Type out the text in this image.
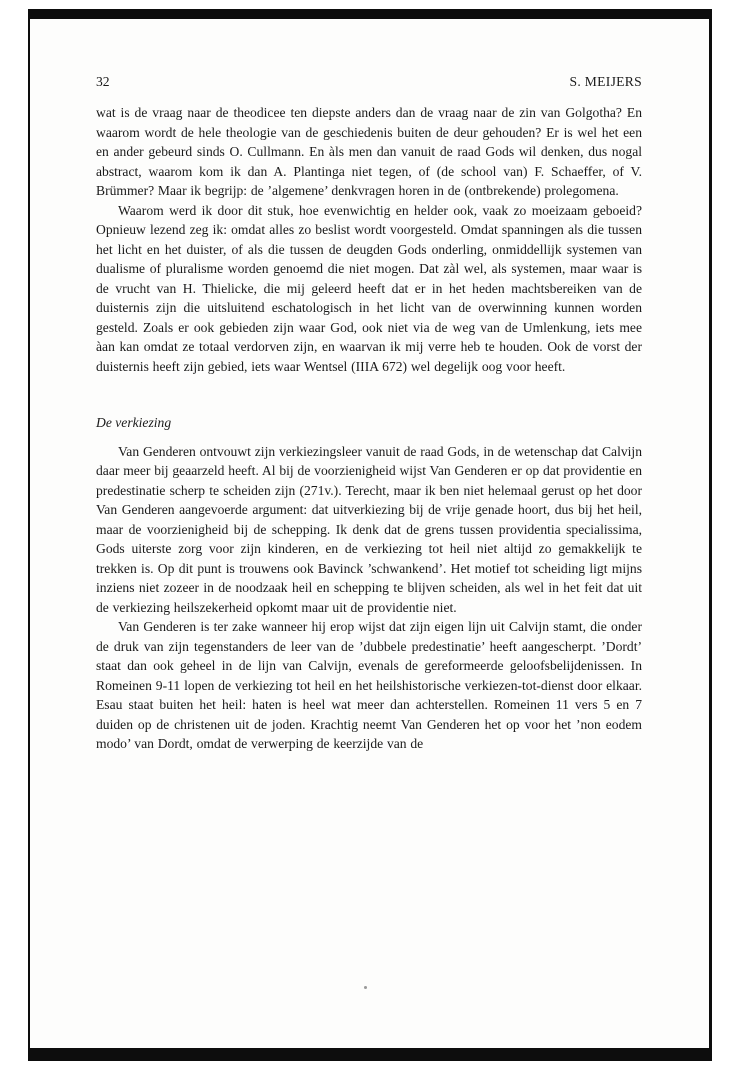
32	S. MEIJERS

wat is de vraag naar de theodicee ten diepste anders dan de vraag naar de zin van Golgotha? En waarom wordt de hele theologie van de geschiedenis buiten de deur gehouden? Er is wel het een en ander gebeurd sinds O. Cullmann. En àls men dan vanuit de raad Gods wil denken, dus nogal abstract, waarom kom ik dan A. Plantinga niet tegen, of (de school van) F. Schaeffer, of V. Brümmer? Maar ik begrijp: de ’algemene’ denkvragen horen in de (ontbrekende) prolegomena.

Waarom werd ik door dit stuk, hoe evenwichtig en helder ook, vaak zo moeizaam geboeid? Opnieuw lezend zeg ik: omdat alles zo beslist wordt voorgesteld. Omdat spanningen als die tussen het licht en het duister, of als die tussen de deugden Gods onderling, onmiddellijk systemen van dualisme of pluralisme worden genoemd die niet mogen. Dat zàl wel, als systemen, maar waar is de vrucht van H. Thielicke, die mij geleerd heeft dat er in het heden machtsbereiken van de duisternis zijn die uitsluitend eschatologisch in het licht van de overwinning kunnen worden gesteld. Zoals er ook gebieden zijn waar God, ook niet via de weg van de Umlenkung, iets mee àan kan omdat ze totaal verdorven zijn, en waarvan ik mij verre heb te houden. Ook de vorst der duisternis heeft zijn gebied, iets waar Wentsel (IIIA 672) wel degelijk oog voor heeft.

De verkiezing

Van Genderen ontvouwt zijn verkiezingsleer vanuit de raad Gods, in de wetenschap dat Calvijn daar meer bij geaarzeld heeft. Al bij de voorzienigheid wijst Van Genderen er op dat providentie en predestinatie scherp te scheiden zijn (271v.). Terecht, maar ik ben niet helemaal gerust op het door Van Genderen aangevoerde argument: dat uitverkiezing bij de vrije genade hoort, dus bij het heil, maar de voorzienigheid bij de schepping. Ik denk dat de grens tussen providentia specialissima, Gods uiterste zorg voor zijn kinderen, en de verkiezing tot heil niet altijd zo gemakkelijk te trekken is. Op dit punt is trouwens ook Bavinck ’schwankend’. Het motief tot scheiding ligt mijns inziens niet zozeer in de noodzaak heil en schepping te blijven scheiden, als wel in het feit dat uit de verkiezing heilszekerheid opkomt maar uit de providentie niet.

Van Genderen is ter zake wanneer hij erop wijst dat zijn eigen lijn uit Calvijn stamt, die onder de druk van zijn tegenstanders de leer van de ’dubbele predestinatie’ heeft aangescherpt. ’Dordt’ staat dan ook geheel in de lijn van Calvijn, evenals de gereformeerde geloofsbelijdenissen. In Romeinen 9-11 lopen de verkiezing tot heil en het heilshistorische verkiezen-tot-dienst door elkaar. Esau staat buiten het heil: haten is heel wat meer dan achterstellen. Romeinen 11 vers 5 en 7 duiden op de christenen uit de joden. Krachtig neemt Van Genderen het op voor het ’non eodem modo’ van Dordt, omdat de verwerping de keerzijde van de
